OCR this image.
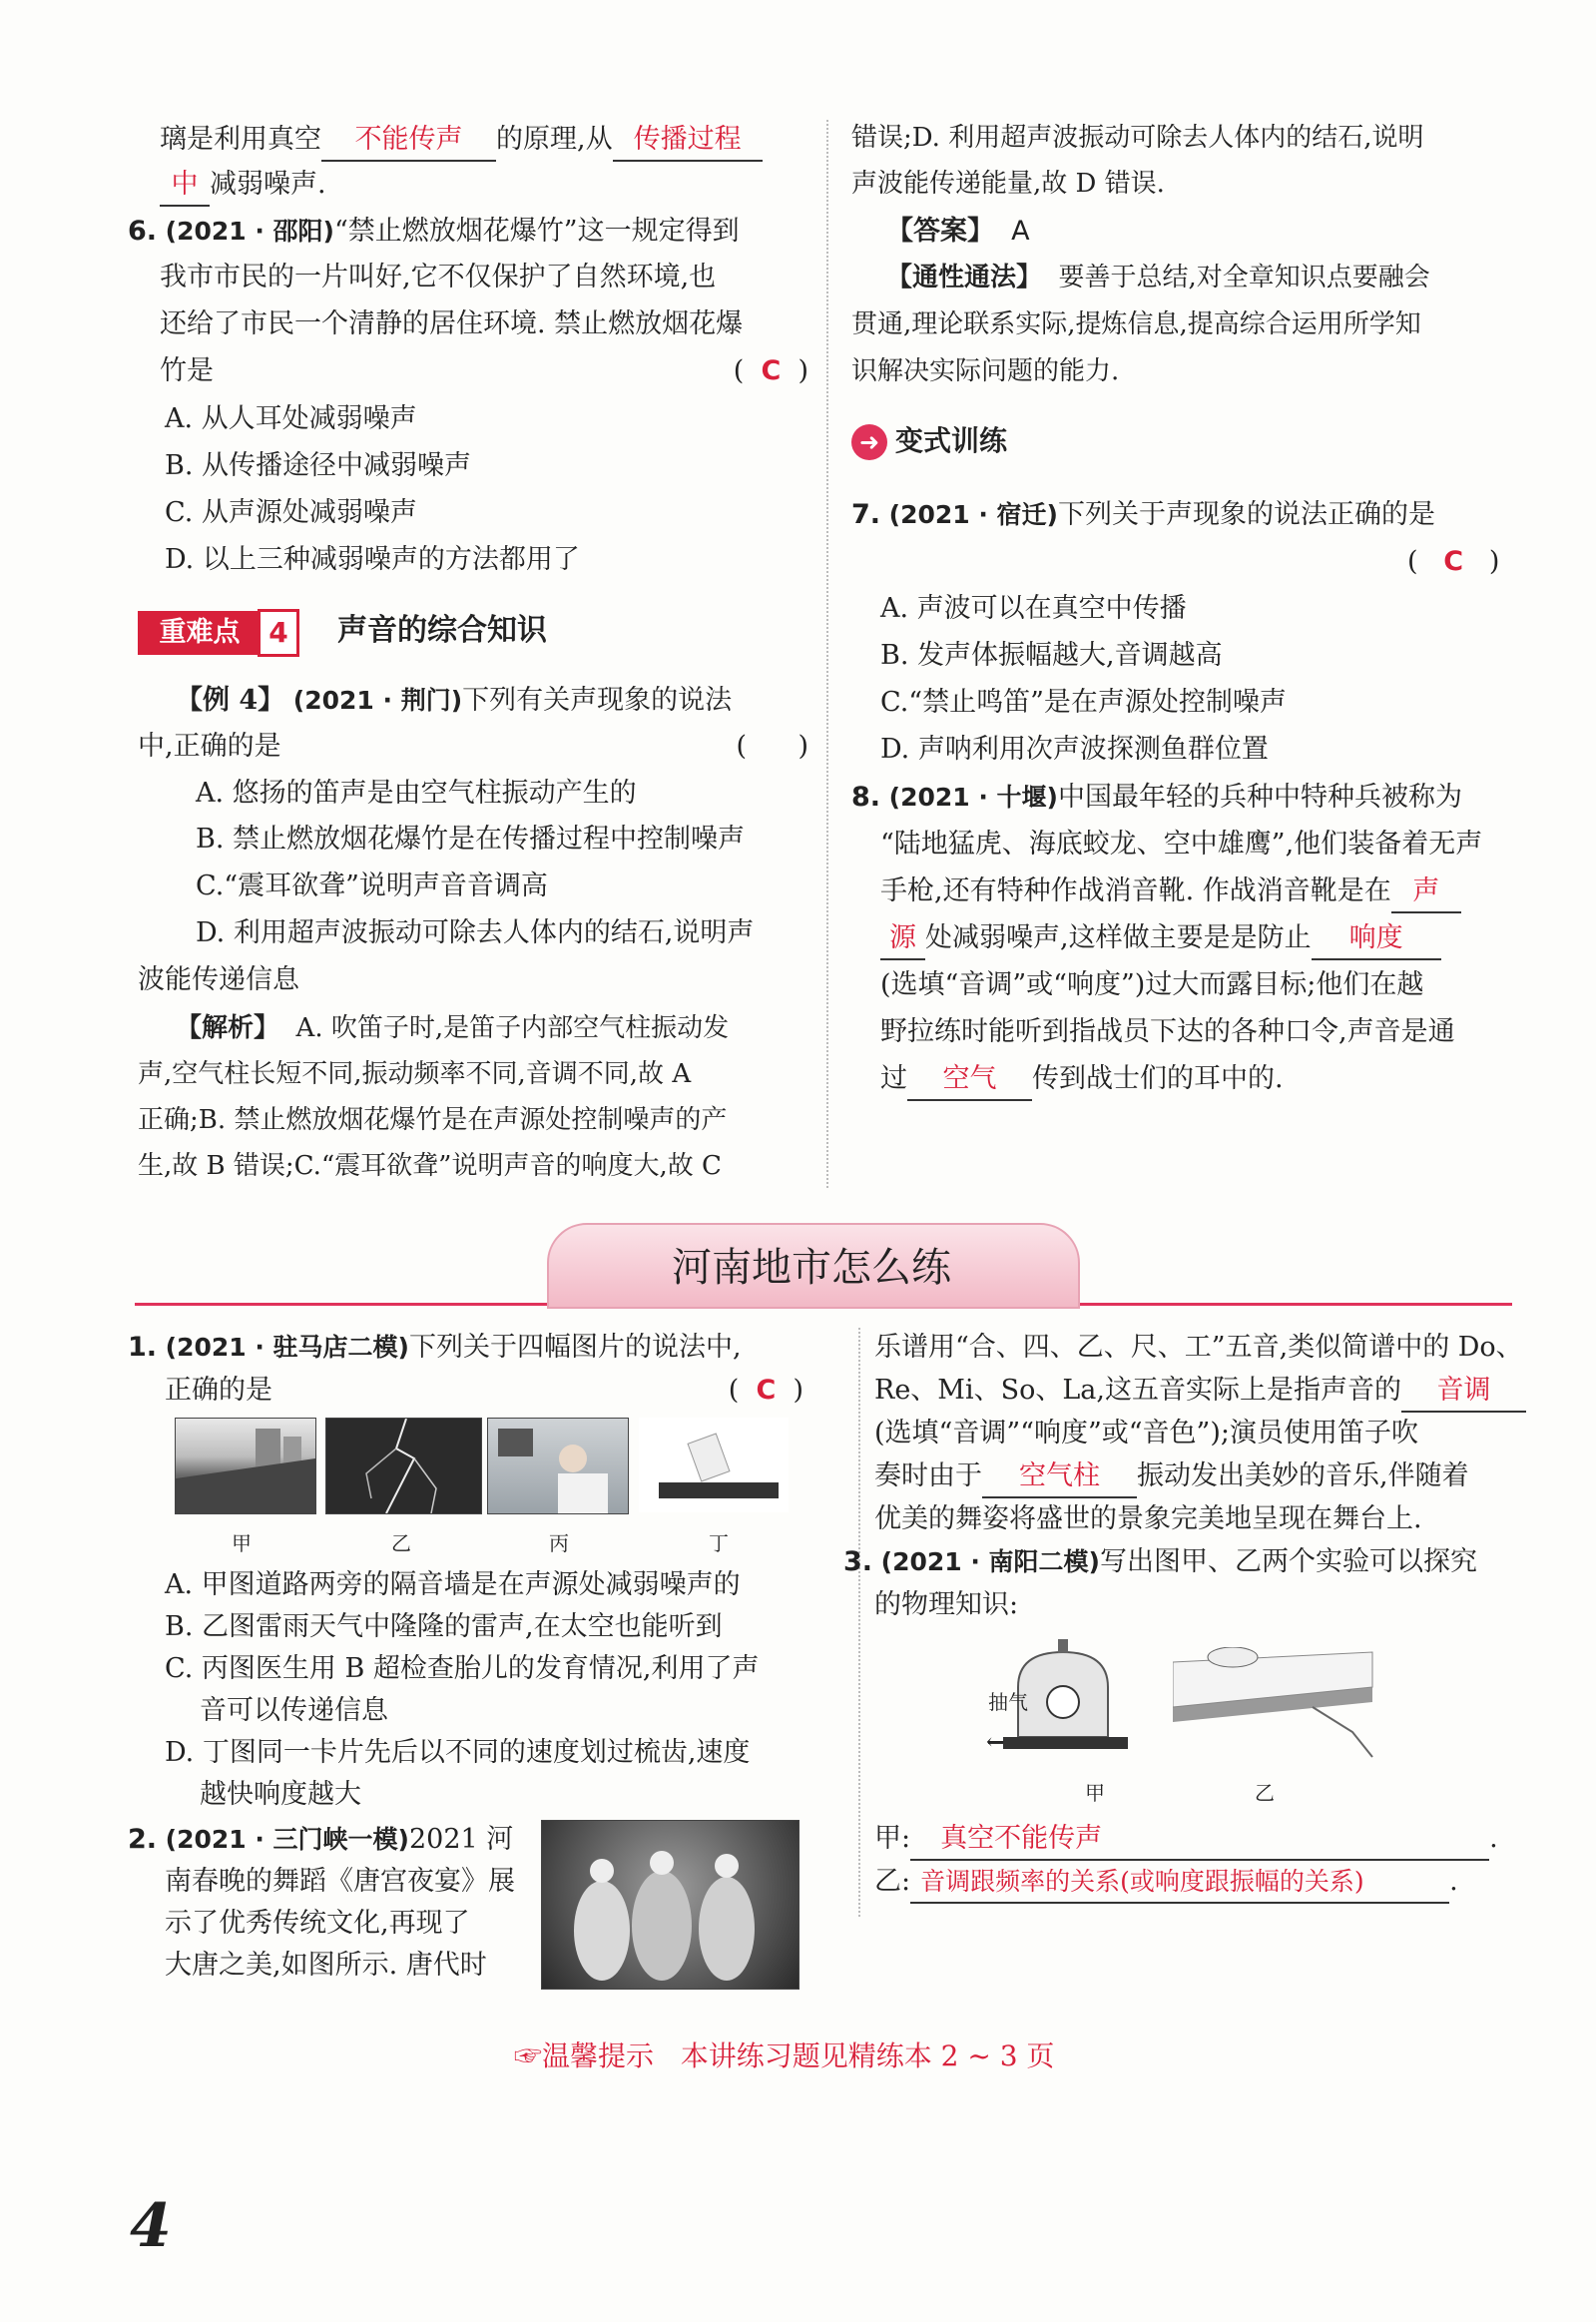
璃是利用真空 不能传声 的原理,从 传播过程
中 减弱噪声.
6. (2021 · 邵阳)“禁止燃放烟花爆竹”这一规定得到
我市市民的一片叫好,它不仅保护了自然环境,也
还给了市民一个清静的居住环境. 禁止燃放烟花爆
竹是	(  C  )
A. 从人耳处减弱噪声
B. 从传播途径中减弱噪声
C. 从声源处减弱噪声
D. 以上三种减弱噪声的方法都用了
重难点	4	声音的综合知识
【例 4】 (2021 · 荆门)下列有关声现象的说法
中,正确的是	(      )
A. 悠扬的笛声是由空气柱振动产生的
B. 禁止燃放烟花爆竹是在传播过程中控制噪声
C.“震耳欲聋”说明声音音调高
D. 利用超声波振动可除去人体内的结石,说明声
波能传递信息
【解析】 A. 吹笛子时,是笛子内部空气柱振动发
声,空气柱长短不同,振动频率不同,音调不同,故 A
正确;B. 禁止燃放烟花爆竹是在声源处控制噪声的产
生,故 B 错误;C.“震耳欲聋”说明声音的响度大,故 C
错误;D. 利用超声波振动可除去人体内的结石,说明
声波能传递能量,故 D 错误.
【答案】 A
【通性通法】 要善于总结,对全章知识点要融会
贯通,理论联系实际,提炼信息,提高综合运用所学知
识解决实际问题的能力.
➜ 变式训练
7. (2021 · 宿迁)下列关于声现象的说法正确的是
(   C   )
A. 声波可以在真空中传播
B. 发声体振幅越大,音调越高
C.“禁止鸣笛”是在声源处控制噪声
D. 声呐利用次声波探测鱼群位置
8. (2021 · 十堰)中国最年轻的兵种中特种兵被称为
“陆地猛虎、海底蛟龙、空中雄鹰”,他们装备着无声
手枪,还有特种作战消音靴. 作战消音靴是在 声
源 处减弱噪声,这样做主要是是防止 响度
(选填“音调”或“响度”)过大而露目标;他们在越
野拉练时能听到指战员下达的各种口令,声音是通
过 空气 传到战士们的耳中的.
河南地市怎么练
1. (2021 · 驻马店二模)下列关于四幅图片的说法中,
正确的是	(  C  )
甲	乙	丙	丁
A. 甲图道路两旁的隔音墙是在声源处减弱噪声的
B. 乙图雷雨天气中隆隆的雷声,在太空也能听到
C. 丙图医生用 B 超检查胎儿的发育情况,利用了声
音可以传递信息
D. 丁图同一卡片先后以不同的速度划过梳齿,速度
越快响度越大
2. (2021 · 三门峡一模)2021 河
南春晚的舞蹈《唐宫夜宴》展
示了优秀传统文化,再现了
大唐之美,如图所示. 唐代时
乐谱用“合、四、乙、尺、工”五音,类似简谱中的 Do、
Re、Mi、So、La,这五音实际上是指声音的 音调
(选填“音调”“响度”或“音色”);演员使用笛子吹
奏时由于 空气柱 振动发出美妙的音乐,伴随着
优美的舞姿将盛世的景象完美地呈现在舞台上.
3. (2021 · 南阳二模)写出图甲、乙两个实验可以探究
的物理知识:
抽气
←
甲	乙
甲: 真空不能传声	.
乙: 音调跟频率的关系(或响度跟振幅的关系)	.
☞温馨提示 本讲练习题见精练本 2 ~ 3 页
4
